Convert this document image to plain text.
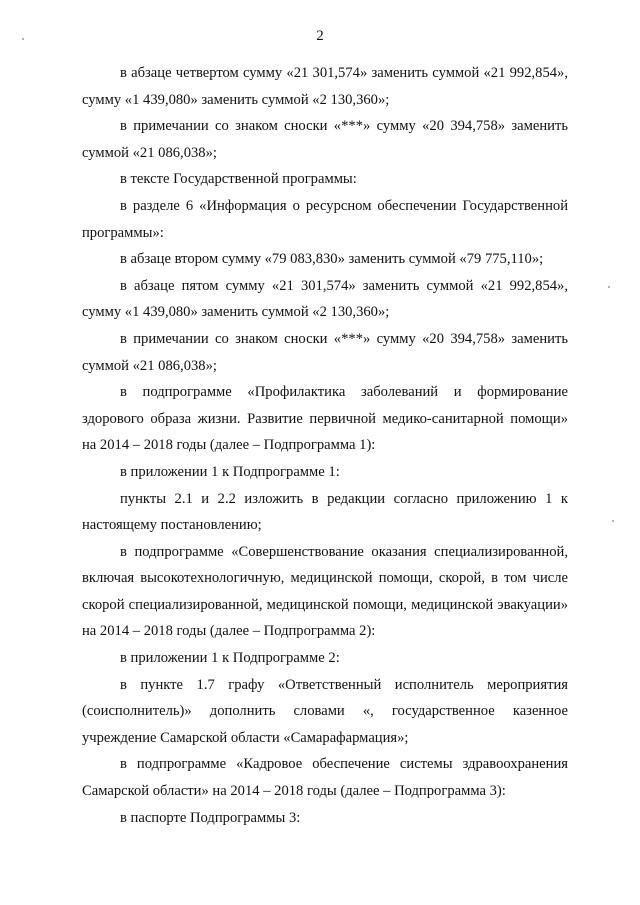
2

в абзаце четвертом сумму «21 301,574» заменить суммой «21 992,854», сумму «1 439,080» заменить суммой «2 130,360»;

в примечании со знаком сноски «***» сумму «20 394,758» заменить суммой «21 086,038»;

в тексте Государственной программы:

в разделе 6 «Информация о ресурсном обеспечении Государственной программы»:

в абзаце втором сумму «79 083,830» заменить суммой «79 775,110»;

в абзаце пятом сумму «21 301,574» заменить суммой «21 992,854», сумму «1 439,080» заменить суммой «2 130,360»;

в примечании со знаком сноски «***» сумму «20 394,758» заменить суммой «21 086,038»;

в подпрограмме «Профилактика заболеваний и формирование здорового образа жизни. Развитие первичной медико-санитарной помощи» на 2014 – 2018 годы (далее – Подпрограмма 1):

в приложении 1 к Подпрограмме 1:

пункты 2.1 и 2.2 изложить в редакции согласно приложению 1 к настоящему постановлению;

в подпрограмме «Совершенствование оказания специализированной, включая высокотехнологичную, медицинской помощи, скорой, в том числе скорой специализированной, медицинской помощи, медицинской эвакуации» на 2014 – 2018 годы (далее – Подпрограмма 2):

в приложении 1 к Подпрограмме 2:

в пункте 1.7 графу «Ответственный исполнитель мероприятия (соисполнитель)» дополнить словами «, государственное казенное учреждение Самарской области «Самарафармация»;

в подпрограмме «Кадровое обеспечение системы здравоохранения Самарской области» на 2014 – 2018 годы (далее – Подпрограмма 3):

в паспорте Подпрограммы 3:
